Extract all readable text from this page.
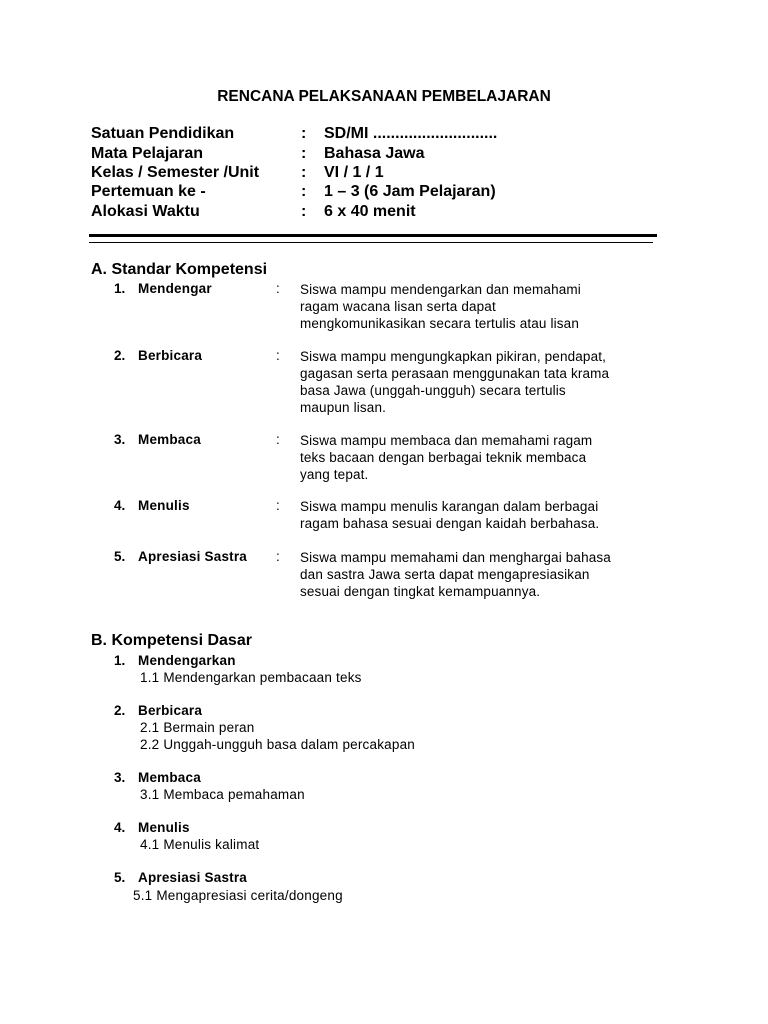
RENCANA PELAKSANAAN PEMBELAJARAN
Satuan Pendidikan	: SD/MI ............................
Mata Pelajaran	: Bahasa Jawa
Kelas / Semester /Unit	: VI / 1 / 1
Pertemuan ke -	: 1 – 3 (6 Jam Pelajaran)
Alokasi Waktu	: 6 x 40 menit
A. Standar Kompetensi
1. Mendengar	: Siswa mampu mendengarkan dan memahami
ragam wacana lisan serta dapat
mengkomunikasikan secara tertulis atau lisan
2. Berbicara	: Siswa mampu mengungkapkan pikiran, pendapat,
gagasan serta perasaan menggunakan tata krama
basa Jawa (unggah-ungguh) secara tertulis
maupun lisan.
3. Membaca	: Siswa mampu membaca dan memahami ragam
teks bacaan dengan berbagai teknik membaca
yang tepat.
4. Menulis	: Siswa mampu menulis karangan dalam berbagai
ragam bahasa sesuai dengan kaidah berbahasa.
5. Apresiasi Sastra : Siswa mampu memahami dan menghargai bahasa
dan sastra Jawa serta dapat mengapresiasikan
sesuai dengan tingkat kemampuannya.
B. Kompetensi Dasar
1. Mendengarkan
1.1 Mendengarkan pembacaan teks
2. Berbicara
2.1 Bermain peran
2.2 Unggah-ungguh basa dalam percakapan
3. Membaca
3.1 Membaca pemahaman
4. Menulis
4.1 Menulis kalimat
5. Apresiasi Sastra
5.1 Mengapresiasi cerita/dongeng
